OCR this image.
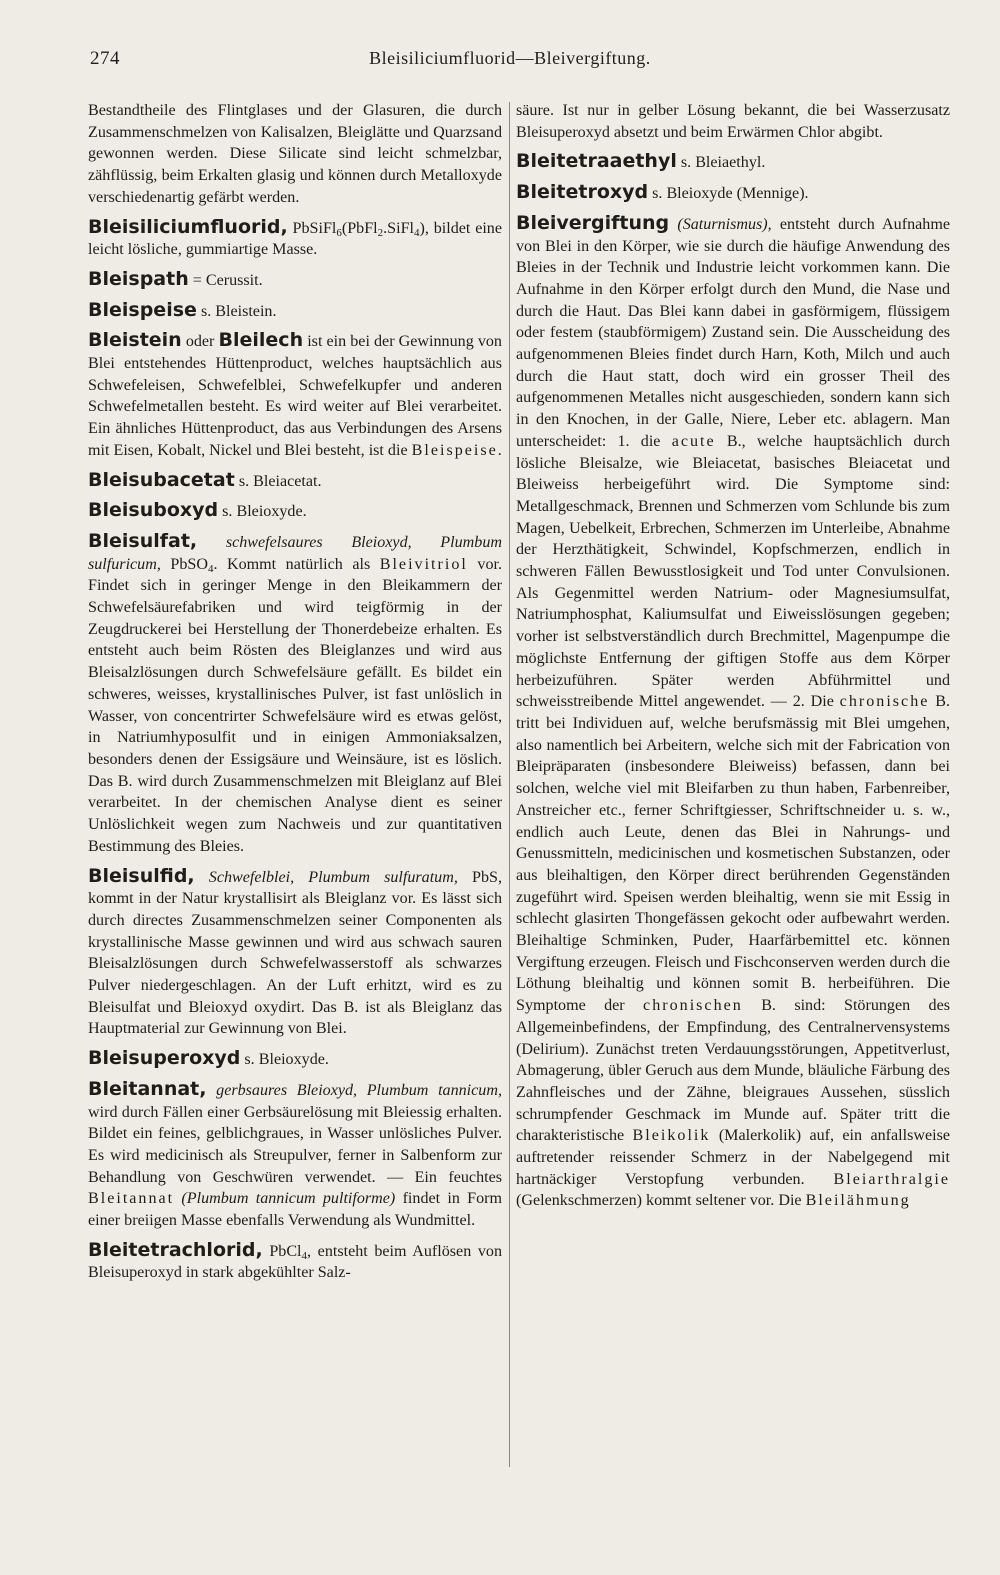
274	Bleisiliciumfluorid—Bleivergiftung.

Bestandtheile des Flintglases und der Glasuren, die durch Zusammenschmelzen von Kalisalzen, Bleiglätte und Quarzsand gewonnen werden. Diese Silicate sind leicht schmelzbar, zähflüssig, beim Erkalten glasig und können durch Metalloxyde verschiedenartig gefärbt werden.

Bleisiliciumfluorid, PbSiFl$_6$(PbFl$_2$.SiFl$_4$), bildet eine leicht lösliche, gummiartige Masse.

Bleispath = Cerussit.

Bleispeise s. Bleistein.

Bleistein oder Bleilech ist ein bei der Gewinnung von Blei entstehendes Hüttenproduct, welches hauptsächlich aus Schwefeleisen, Schwefelblei, Schwefelkupfer und anderen Schwefelmetallen besteht. Es wird weiter auf Blei verarbeitet. Ein ähnliches Hüttenproduct, das aus Verbindungen des Arsens mit Eisen, Kobalt, Nickel und Blei besteht, ist die Bleispeise.

Bleisubacetat s. Bleiacetat.

Bleisuboxyd s. Bleioxyde.

Bleisulfat, schwefelsaures Bleioxyd, Plumbum sulfuricum, PbSO$_4$. Kommt natürlich als Bleivitriol vor. Findet sich in geringer Menge in den Bleikammern der Schwefelsäurefabriken und wird teigförmig in der Zeugdruckerei bei Herstellung der Thonerdebeize erhalten. Es entsteht auch beim Rösten des Bleiglanzes und wird aus Bleisalzlösungen durch Schwefelsäure gefällt. Es bildet ein schweres, weisses, krystallinisches Pulver, ist fast unlöslich in Wasser, von concentrirter Schwefelsäure wird es etwas gelöst, in Natriumhyposulfit und in einigen Ammoniaksalzen, besonders denen der Essigsäure und Weinsäure, ist es löslich. Das B. wird durch Zusammenschmelzen mit Bleiglanz auf Blei verarbeitet. In der chemischen Analyse dient es seiner Unlöslichkeit wegen zum Nachweis und zur quantitativen Bestimmung des Bleies.

Bleisulfid, Schwefelblei, Plumbum sulfuratum, PbS, kommt in der Natur krystallisirt als Bleiglanz vor. Es lässt sich durch directes Zusammenschmelzen seiner Componenten als krystallinische Masse gewinnen und wird aus schwach sauren Bleisalzlösungen durch Schwefelwasserstoff als schwarzes Pulver niedergeschlagen. An der Luft erhitzt, wird es zu Bleisulfat und Bleioxyd oxydirt. Das B. ist als Bleiglanz das Hauptmaterial zur Gewinnung von Blei.

Bleisuperoxyd s. Bleioxyde.

Bleitannat, gerbsaures Bleioxyd, Plumbum tannicum, wird durch Fällen einer Gerbsäurelösung mit Bleiessig erhalten. Bildet ein feines, gelblichgraues, in Wasser unlösliches Pulver. Es wird medicinisch als Streupulver, ferner in Salbenform zur Behandlung von Geschwüren verwendet. — Ein feuchtes Bleitannat (Plumbum tannicum pultiforme) findet in Form einer breiigen Masse ebenfalls Verwendung als Wundmittel.

Bleitetrachlorid, PbCl$_4$, entsteht beim Auflösen von Bleisuperoxyd in stark abgekühlter Salz-

säure. Ist nur in gelber Lösung bekannt, die bei Wasserzusatz Bleisuperoxyd absetzt und beim Erwärmen Chlor abgibt.

Bleitetraaethyl s. Bleiaethyl.

Bleitetroxyd s. Bleioxyde (Mennige).

Bleivergiftung (Saturnismus), entsteht durch Aufnahme von Blei in den Körper, wie sie durch die häufige Anwendung des Bleies in der Technik und Industrie leicht vorkommen kann. Die Aufnahme in den Körper erfolgt durch den Mund, die Nase und durch die Haut. Das Blei kann dabei in gasförmigem, flüssigem oder festem (staubförmigem) Zustand sein. Die Ausscheidung des aufgenommenen Bleies findet durch Harn, Koth, Milch und auch durch die Haut statt, doch wird ein grosser Theil des aufgenommenen Metalles nicht ausgeschieden, sondern kann sich in den Knochen, in der Galle, Niere, Leber etc. ablagern. Man unterscheidet: 1. die acute B., welche hauptsächlich durch lösliche Bleisalze, wie Bleiacetat, basisches Bleiacetat und Bleiweiss herbeigeführt wird. Die Symptome sind: Metallgeschmack, Brennen und Schmerzen vom Schlunde bis zum Magen, Uebelkeit, Erbrechen, Schmerzen im Unterleibe, Abnahme der Herzthätigkeit, Schwindel, Kopfschmerzen, endlich in schweren Fällen Bewusstlosigkeit und Tod unter Convulsionen. Als Gegenmittel werden Natrium- oder Magnesiumsulfat, Natriumphosphat, Kaliumsulfat und Eiweisslösungen gegeben; vorher ist selbstverständlich durch Brechmittel, Magenpumpe die möglichste Entfernung der giftigen Stoffe aus dem Körper herbeizuführen. Später werden Abführmittel und schweisstreibende Mittel angewendet. — 2. Die chronische B. tritt bei Individuen auf, welche berufsmässig mit Blei umgehen, also namentlich bei Arbeitern, welche sich mit der Fabrication von Bleipräparaten (insbesondere Bleiweiss) befassen, dann bei solchen, welche viel mit Bleifarben zu thun haben, Farbenreiber, Anstreicher etc., ferner Schriftgiesser, Schriftschneider u. s. w., endlich auch Leute, denen das Blei in Nahrungs- und Genussmitteln, medicinischen und kosmetischen Substanzen, oder aus bleihaltigen, den Körper direct berührenden Gegenständen zugeführt wird. Speisen werden bleihaltig, wenn sie mit Essig in schlecht glasirten Thongefässen gekocht oder aufbewahrt werden. Bleihaltige Schminken, Puder, Haarfärbemittel etc. können Vergiftung erzeugen. Fleisch und Fischconserven werden durch die Löthung bleihaltig und können somit B. herbeiführen. Die Symptome der chronischen B. sind: Störungen des Allgemeinbefindens, der Empfindung, des Centralnervensystems (Delirium). Zunächst treten Verdauungsstörungen, Appetitverlust, Abmagerung, übler Geruch aus dem Munde, bläuliche Färbung des Zahnfleisches und der Zähne, bleigraues Aussehen, süsslich schrumpfender Geschmack im Munde auf. Später tritt die charakteristische Bleikolik (Malerkolik) auf, ein anfallsweise auftretender reissender Schmerz in der Nabelgegend mit hartnäckiger Verstopfung verbunden. Bleiarthralgie (Gelenkschmerzen) kommt seltener vor. Die Bleilähmung
